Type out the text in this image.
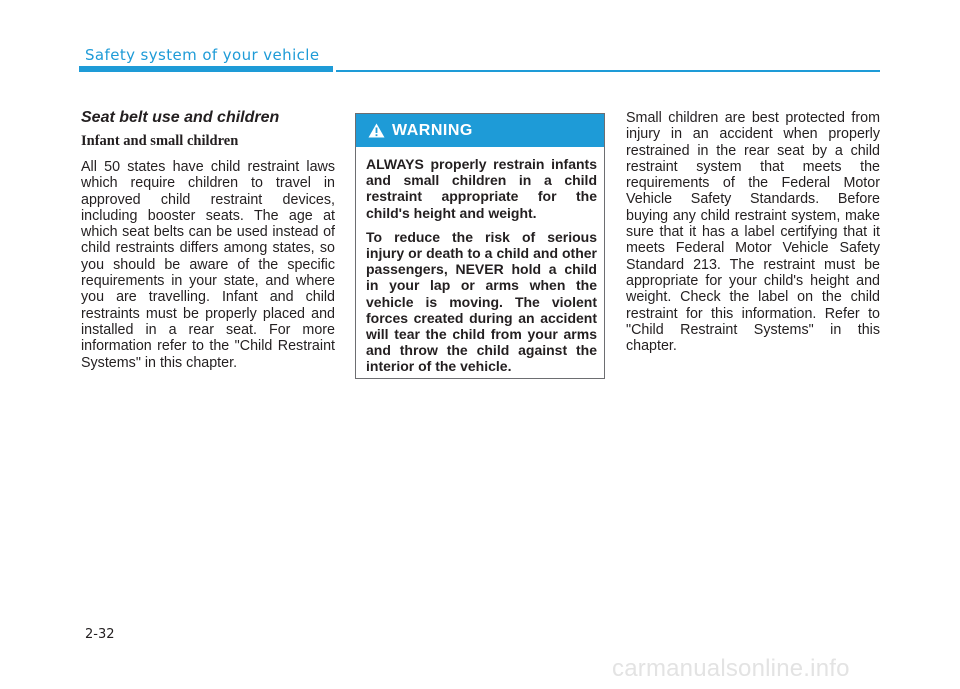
Safety system of your vehicle
Seat belt use and children
Infant and small children

All 50 states have child restraint laws which require children to travel in approved child restraint devices, including booster seats. The age at which seat belts can be used instead of child restraints differs among states, so you should be aware of the specific requirements in your state, and where you are travelling. Infant and child restraints must be properly placed and installed in a rear seat. For more information refer to the "Child Restraint Systems" in this chapter.

WARNING

ALWAYS properly restrain infants and small children in a child restraint appropriate for the child's height and weight.

To reduce the risk of serious injury or death to a child and other passengers, NEVER hold a child in your lap or arms when the vehicle is moving. The violent forces created during an accident will tear the child from your arms and throw the child against the interior of the vehicle.

Small children are best protected from injury in an accident when properly restrained in the rear seat by a child restraint system that meets the requirements of the Federal Motor Vehicle Safety Standards. Before buying any child restraint system, make sure that it has a label certifying that it meets Federal Motor Vehicle Safety Standard 213. The restraint must be appropriate for your child's height and weight. Check the label on the child restraint for this information. Refer to "Child Restraint Systems" in this chapter.

2-32
carmanualsonline.info
